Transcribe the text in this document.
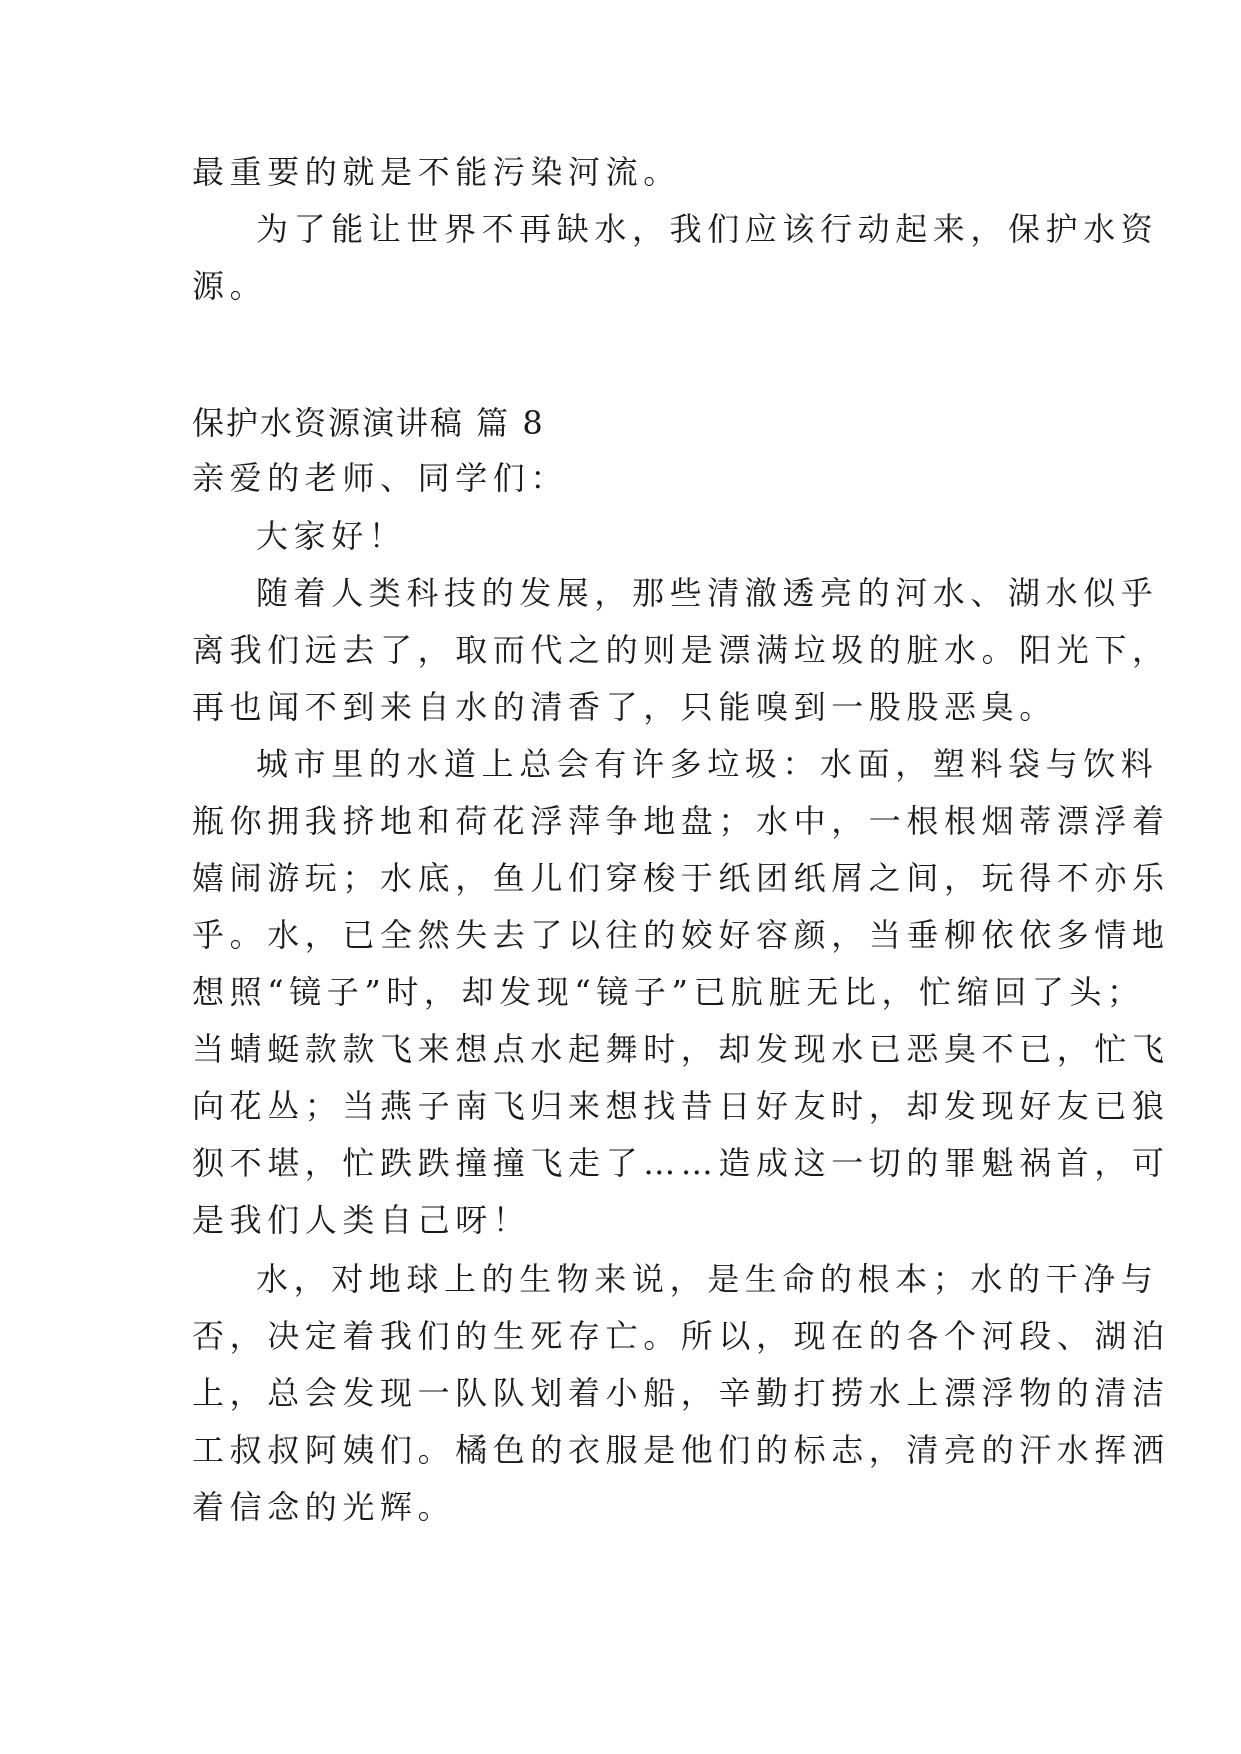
最重要的就是不能污染河流。
为了能让世界不再缺水，我们应该行动起来，保护水资
源。
保护水资源演讲稿 篇 8
亲爱的老师、同学们：
大家好！
随着人类科技的发展，那些清澈透亮的河水、湖水似乎
离我们远去了，取而代之的则是漂满垃圾的脏水。阳光下，
再也闻不到来自水的清香了，只能嗅到一股股恶臭。
城市里的水道上总会有许多垃圾：水面，塑料袋与饮料
瓶你拥我挤地和荷花浮萍争地盘；水中，一根根烟蒂漂浮着
嬉闹游玩；水底，鱼儿们穿梭于纸团纸屑之间，玩得不亦乐
乎。水，已全然失去了以往的姣好容颜，当垂柳依依多情地
想照“镜子”时，却发现“镜子”已肮脏无比，忙缩回了头；
当蜻蜓款款飞来想点水起舞时，却发现水已恶臭不已，忙飞
向花丛；当燕子南飞归来想找昔日好友时，却发现好友已狼
狈不堪，忙跌跌撞撞飞走了……造成这一切的罪魁祸首，可
是我们人类自己呀！
水，对地球上的生物来说，是生命的根本；水的干净与
否，决定着我们的生死存亡。所以，现在的各个河段、湖泊
上，总会发现一队队划着小船，辛勤打捞水上漂浮物的清洁
工叔叔阿姨们。橘色的衣服是他们的标志，清亮的汗水挥洒
着信念的光辉。
